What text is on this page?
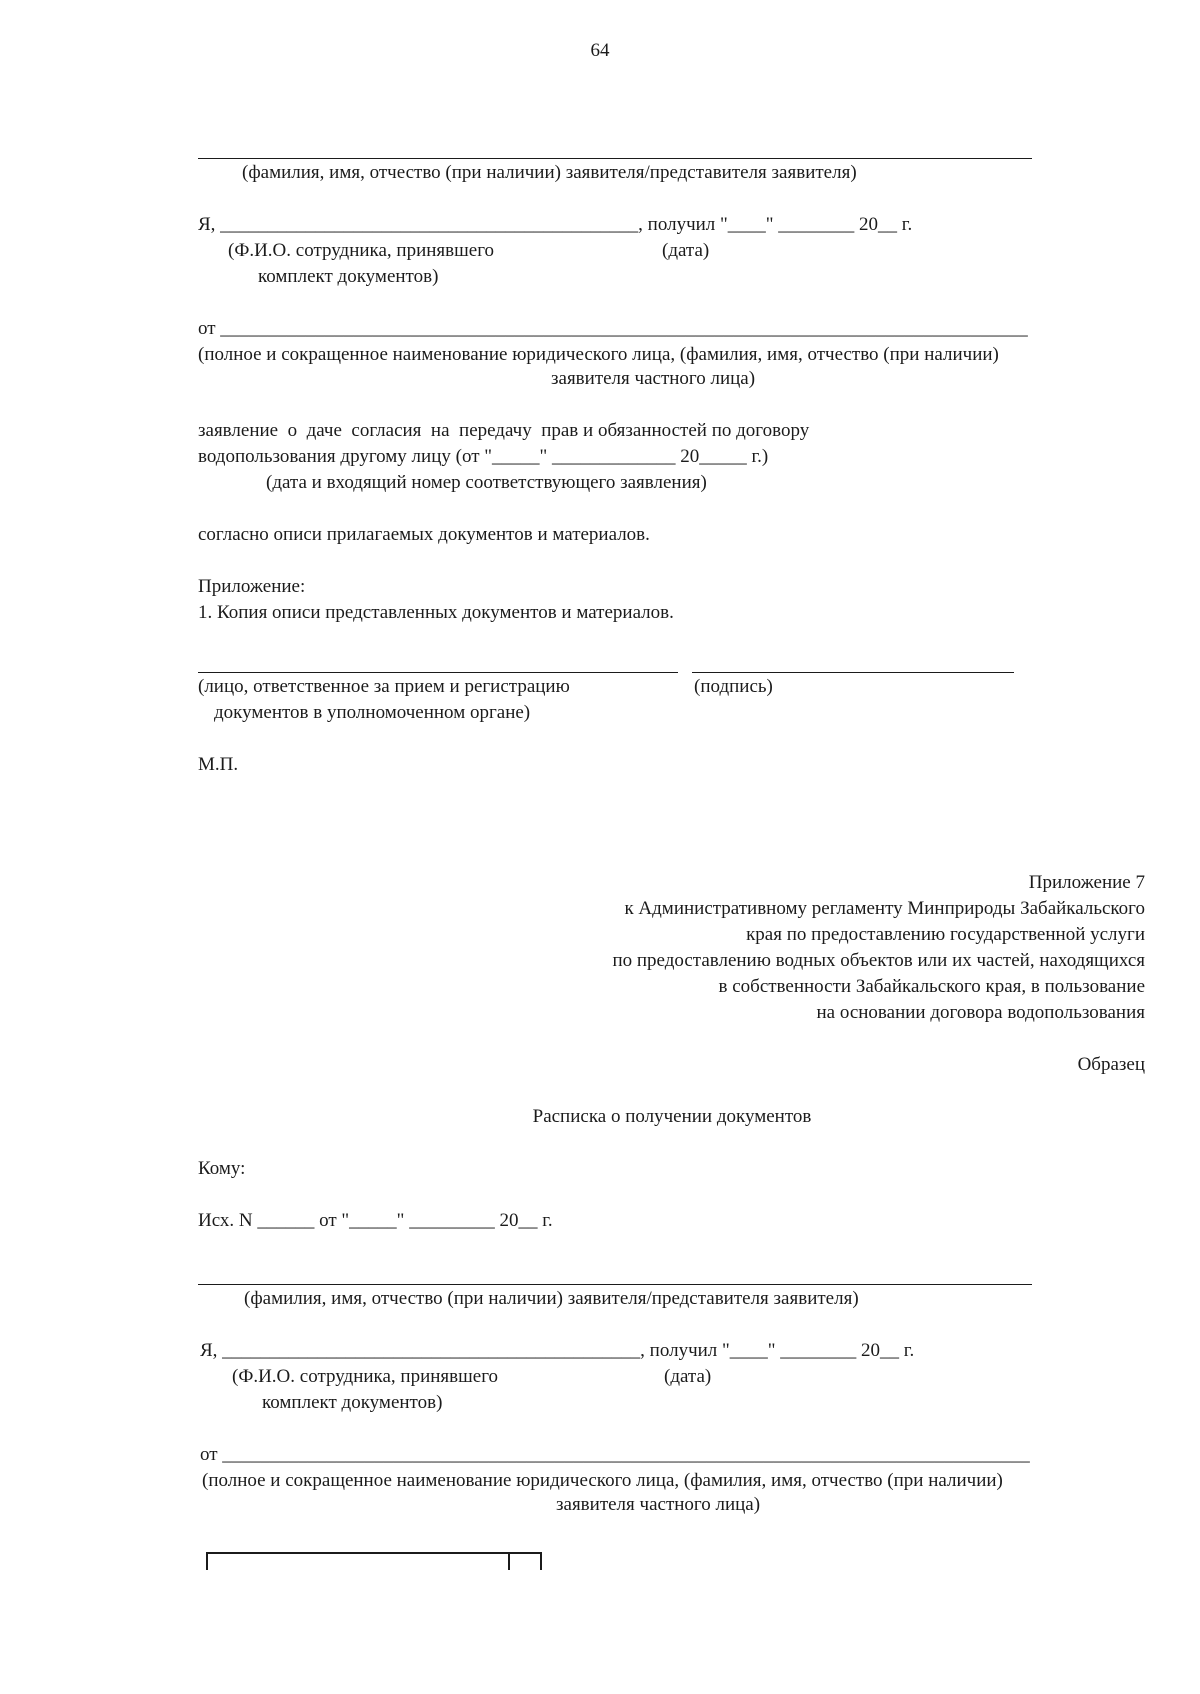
64
(фамилия, имя, отчество (при наличии) заявителя/представителя заявителя)
Я, ____________________________________________, получил "____" ________ 20__ г.
(Ф.И.О. сотрудника, принявшего	(дата)
комплект документов)
от _____________________________________________________________________________________
(полное и сокращенное наименование юридического лица, (фамилия, имя, отчество (при наличии)
заявителя частного лица)
заявление  о  даче  согласия  на  передачу  прав и обязанностей по договору
водопользования другому лицу (от "_____" _____________ 20_____ г.)
(дата и входящий номер соответствующего заявления)
согласно описи прилагаемых документов и материалов.
Приложение:
1. Копия описи представленных документов и материалов.
(лицо, ответственное за прием и регистрацию	(подпись)
документов в уполномоченном органе)
М.П.
Приложение 7
к Административному регламенту Минприроды Забайкальского
края по предоставлению государственной услуги
по предоставлению водных объектов или их частей, находящихся
в собственности Забайкальского края, в пользование
на основании договора водопользования
Образец
Расписка о получении документов
Кому:
Исх. N ______ от "_____" _________ 20__ г.
(фамилия, имя, отчество (при наличии) заявителя/представителя заявителя)
Я, ____________________________________________, получил "____" ________ 20__ г.
(Ф.И.О. сотрудника, принявшего	(дата)
комплект документов)
от _____________________________________________________________________________________
(полное и сокращенное наименование юридического лица, (фамилия, имя, отчество (при наличии)
заявителя частного лица)
